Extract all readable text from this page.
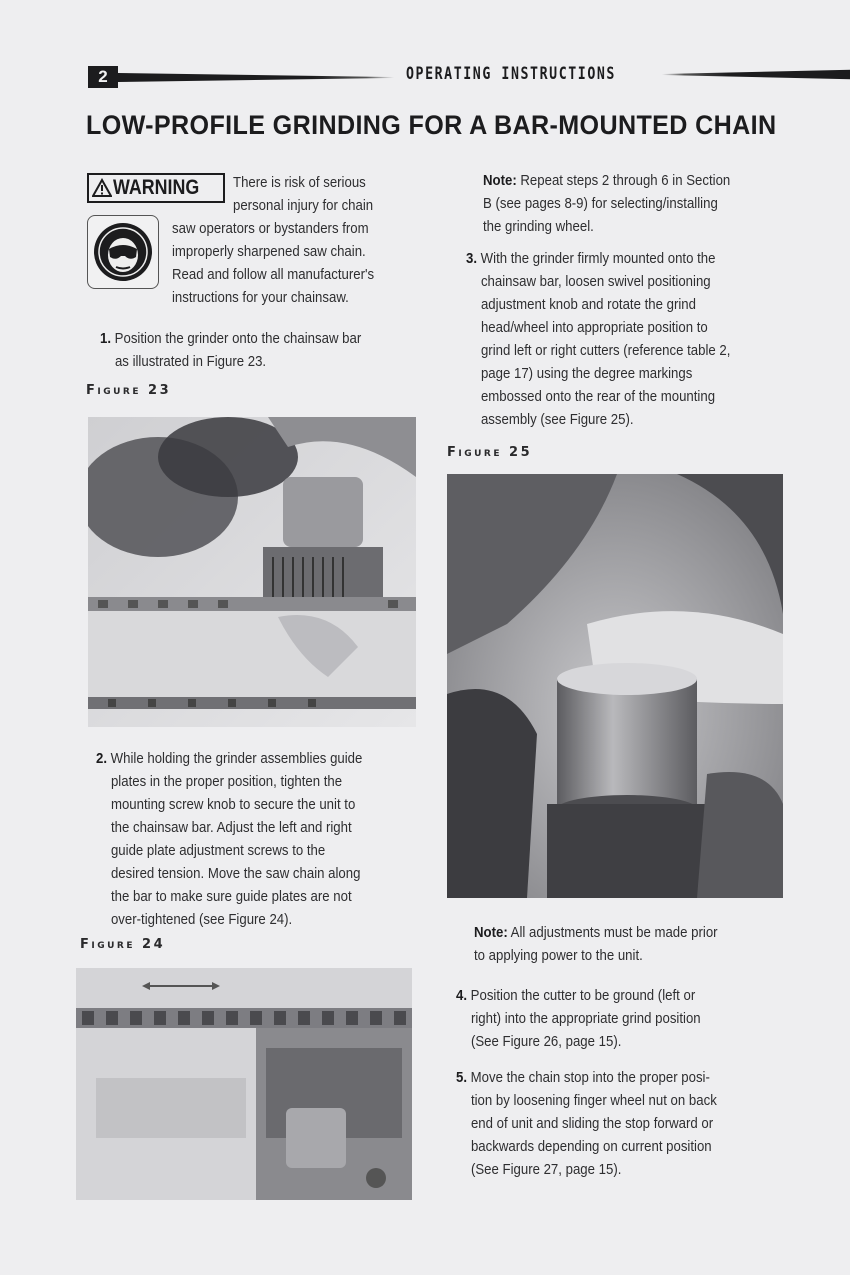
2	OPERATING INSTRUCTIONS
LOW-PROFILE GRINDING FOR A BAR-MOUNTED CHAIN
WARNING There is risk of serious
personal injury for chain
saw operators or bystanders from
improperly sharpened saw chain.
Read and follow all manufacturer's
instructions for your chainsaw.
1. Position the grinder onto the chainsaw bar
as illustrated in Figure 23.
Figure 23
2. While holding the grinder assemblies guide
plates in the proper position, tighten the
mounting screw knob to secure the unit to
the chainsaw bar. Adjust the left and right
guide plate adjustment screws to the
desired tension. Move the saw chain along
the bar to make sure guide plates are not
over-tightened (see Figure 24).
Figure 24
Note: Repeat steps 2 through 6 in Section
B (see pages 8-9) for selecting/installing
the grinding wheel.
3. With the grinder firmly mounted onto the
chainsaw bar, loosen swivel positioning
adjustment knob and rotate the grind
head/wheel into appropriate position to
grind left or right cutters (reference table 2,
page 17) using the degree markings
embossed onto the rear of the mounting
assembly (see Figure 25).
Figure 25
Note: All adjustments must be made prior
to applying power to the unit.
4. Position the cutter to be ground (left or
right) into the appropriate grind position
(See Figure 26, page 15).
5. Move the chain stop into the proper posi-
tion by loosening finger wheel nut on back
end of unit and sliding the stop forward or
backwards depending on current position
(See Figure 27, page 15).
